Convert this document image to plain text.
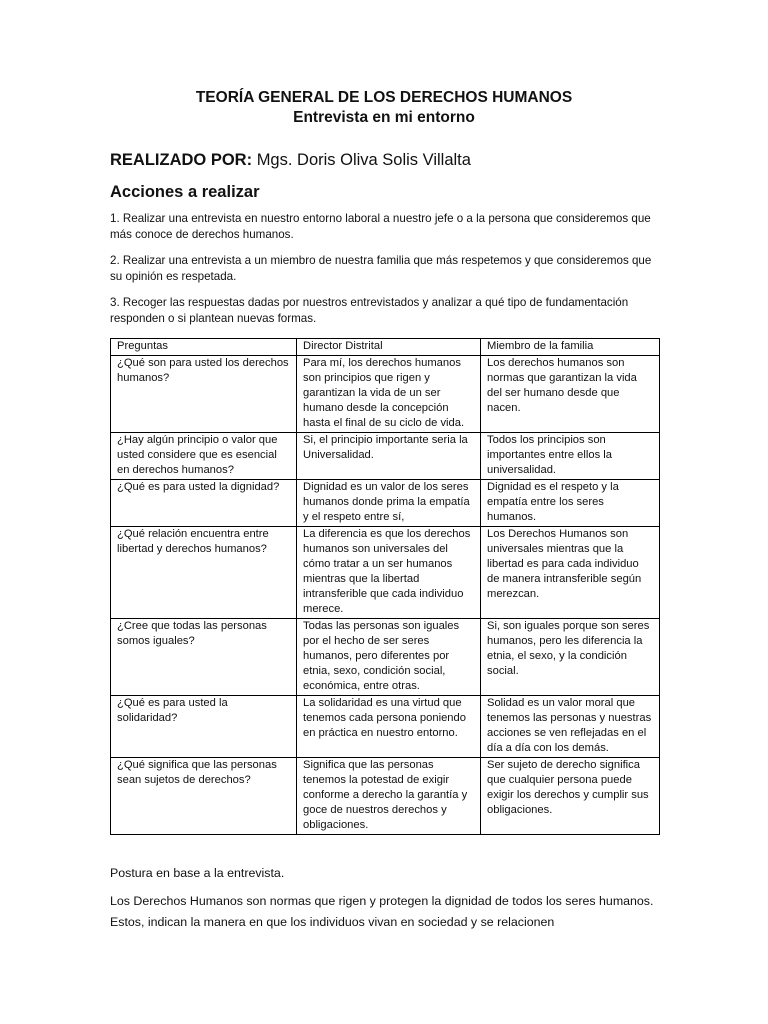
TEORÍA GENERAL DE LOS DERECHOS HUMANOS
Entrevista en mi entorno
REALIZADO POR: Mgs. Doris Oliva Solis Villalta
Acciones a realizar
1. Realizar una entrevista en nuestro entorno laboral a nuestro jefe o a la persona que consideremos que más conoce de derechos humanos.
2. Realizar una entrevista a un miembro de nuestra familia que más respetemos y que consideremos que su opinión es respetada.
3. Recoger las respuestas dadas por nuestros entrevistados y analizar a qué tipo de fundamentación responden o si plantean nuevas formas.
Preguntas	Director Distrital	Miembro de la familia
¿Qué son para usted los derechos humanos?	Para mí, los derechos humanos son principios que rigen y garantizan la vida de un ser humano desde la concepción hasta el final de su ciclo de vida.	Los derechos humanos son normas que garantizan la vida del ser humano desde que nacen.
¿Hay algún principio o valor que usted considere que es esencial en derechos humanos?	Si, el principio importante seria la Universalidad.	Todos los principios son importantes entre ellos la universalidad.
¿Qué es para usted la dignidad?	Dignidad es un valor de los seres humanos donde prima la empatía y el respeto entre sí,	Dignidad es el respeto y la empatía entre los seres humanos.
¿Qué relación encuentra entre libertad y derechos humanos?	La diferencia es que los derechos humanos son universales del cómo tratar a un ser humanos mientras que la libertad intransferible que cada individuo merece.	Los Derechos Humanos son universales mientras que la libertad es para cada individuo de manera intransferible según merezcan.
¿Cree que todas las personas somos iguales?	Todas las personas son iguales por el hecho de ser seres humanos, pero diferentes por etnia, sexo, condición social, económica, entre otras.	Si, son iguales porque son seres humanos, pero les diferencia la etnia, el sexo, y la condición social.
¿Qué es para usted la solidaridad?	La solidaridad es una virtud que tenemos cada persona poniendo en práctica en nuestro entorno.	Solidad es un valor moral que tenemos las personas y nuestras acciones se ven reflejadas en el día a día con los demás.
¿Qué significa que las personas sean sujetos de derechos?	Significa que las personas tenemos la potestad de exigir conforme a derecho la garantía y goce de nuestros derechos y obligaciones.	Ser sujeto de derecho significa que cualquier persona puede exigir los derechos y cumplir sus obligaciones.
Postura en base a la entrevista.
Los Derechos Humanos son normas que rigen y protegen la dignidad de todos los seres humanos. Estos, indican la manera en que los individuos vivan en sociedad y se relacionen
